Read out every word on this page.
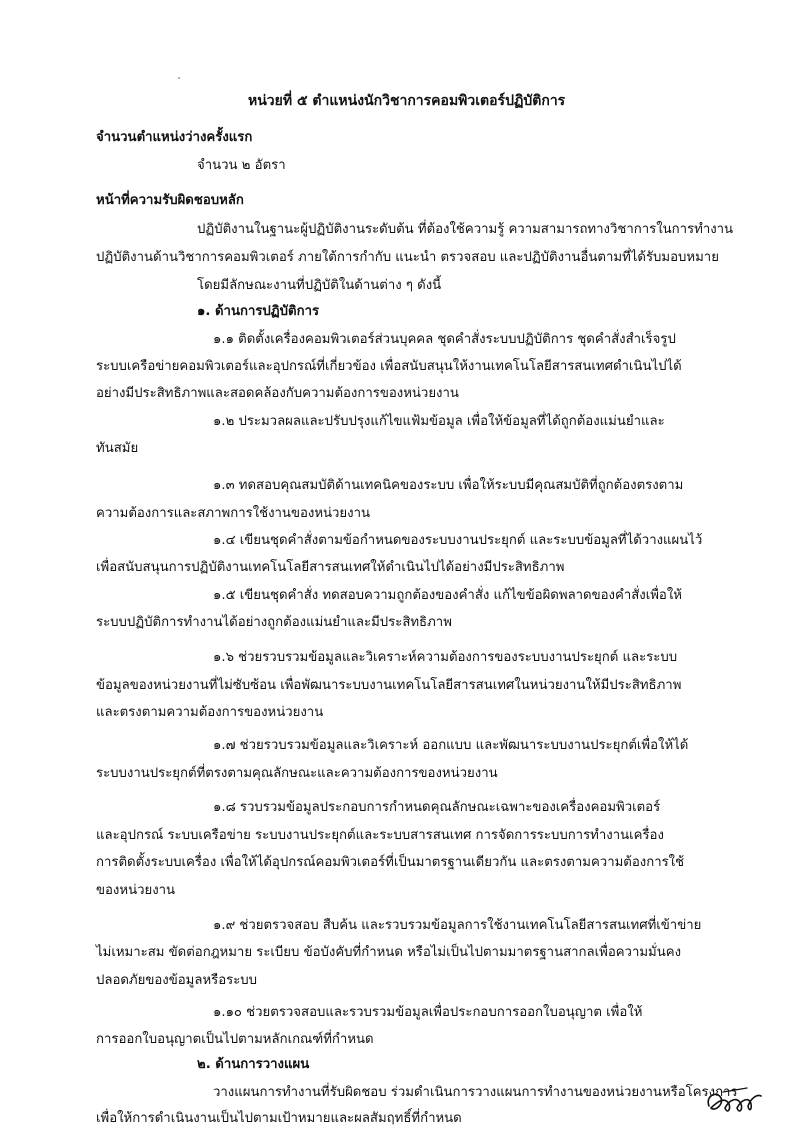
หน่วยที่ ๕ ตำแหน่งนักวิชาการคอมพิวเตอร์ปฏิบัติการ
จำนวนตำแหน่งว่างครั้งแรก
จำนวน ๒ อัตรา
หน้าที่ความรับผิดชอบหลัก
ปฏิบัติงานในฐานะผู้ปฏิบัติงานระดับต้น ที่ต้องใช้ความรู้ ความสามารถทางวิชาการในการทำงาน
ปฏิบัติงานด้านวิชาการคอมพิวเตอร์ ภายใต้การกำกับ แนะนำ ตรวจสอบ และปฏิบัติงานอื่นตามที่ได้รับมอบหมาย
โดยมีลักษณะงานที่ปฏิบัติในด้านต่าง ๆ ดังนี้
๑. ด้านการปฏิบัติการ
๑.๑ ติดตั้งเครื่องคอมพิวเตอร์ส่วนบุคคล ชุดคำสั่งระบบปฏิบัติการ ชุดคำสั่งสำเร็จรูป
ระบบเครือข่ายคอมพิวเตอร์และอุปกรณ์ที่เกี่ยวข้อง เพื่อสนับสนุนให้งานเทคโนโลยีสารสนเทศดำเนินไปได้
อย่างมีประสิทธิภาพและสอดคล้องกับความต้องการของหน่วยงาน
๑.๒ ประมวลผลและปรับปรุงแก้ไขแฟ้มข้อมูล เพื่อให้ข้อมูลที่ได้ถูกต้องแม่นยำและ
ทันสมัย
๑.๓ ทดสอบคุณสมบัติด้านเทคนิคของระบบ เพื่อให้ระบบมีคุณสมบัติที่ถูกต้องตรงตาม
ความต้องการและสภาพการใช้งานของหน่วยงาน
๑.๔ เขียนชุดคำสั่งตามข้อกำหนดของระบบงานประยุกต์ และระบบข้อมูลที่ได้วางแผนไว้
เพื่อสนับสนุนการปฏิบัติงานเทคโนโลยีสารสนเทศให้ดำเนินไปได้อย่างมีประสิทธิภาพ
๑.๕ เขียนชุดคำสั่ง ทดสอบความถูกต้องของคำสั่ง แก้ไขข้อผิดพลาดของคำสั่งเพื่อให้
ระบบปฏิบัติการทำงานได้อย่างถูกต้องแม่นยำและมีประสิทธิภาพ
๑.๖ ช่วยรวบรวมข้อมูลและวิเคราะห์ความต้องการของระบบงานประยุกต์ และระบบ
ข้อมูลของหน่วยงานที่ไม่ซับซ้อน เพื่อพัฒนาระบบงานเทคโนโลยีสารสนเทศในหน่วยงานให้มีประสิทธิภาพ
และตรงตามความต้องการของหน่วยงาน
๑.๗ ช่วยรวบรวมข้อมูลและวิเคราะห์ ออกแบบ และพัฒนาระบบงานประยุกต์เพื่อให้ได้
ระบบงานประยุกต์ที่ตรงตามคุณลักษณะและความต้องการของหน่วยงาน
๑.๘ รวบรวมข้อมูลประกอบการกำหนดคุณลักษณะเฉพาะของเครื่องคอมพิวเตอร์
และอุปกรณ์ ระบบเครือข่าย ระบบงานประยุกต์และระบบสารสนเทศ การจัดการระบบการทำงานเครื่อง
การติดตั้งระบบเครื่อง เพื่อให้ได้อุปกรณ์คอมพิวเตอร์ที่เป็นมาตรฐานเดียวกัน และตรงตามความต้องการใช้
ของหน่วยงาน
๑.๙ ช่วยตรวจสอบ สืบค้น และรวบรวมข้อมูลการใช้งานเทคโนโลยีสารสนเทศที่เข้าข่าย
ไม่เหมาะสม ขัดต่อกฎหมาย ระเบียบ ข้อบังคับที่กำหนด หรือไม่เป็นไปตามมาตรฐานสากลเพื่อความมั่นคง
ปลอดภัยของข้อมูลหรือระบบ
๑.๑๐ ช่วยตรวจสอบและรวบรวมข้อมูลเพื่อประกอบการออกใบอนุญาต เพื่อให้
การออกใบอนุญาตเป็นไปตามหลักเกณฑ์ที่กำหนด
๒. ด้านการวางแผน
วางแผนการทำงานที่รับผิดชอบ ร่วมดำเนินการวางแผนการทำงานของหน่วยงานหรือโครงการ
เพื่อให้การดำเนินงานเป็นไปตามเป้าหมายและผลสัมฤทธิ์ที่กำหนด
